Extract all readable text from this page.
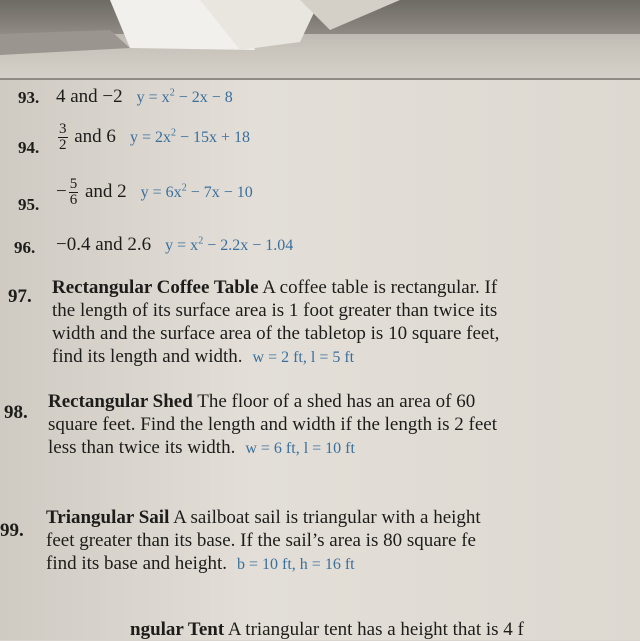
93. 4 and −2 $y = x^2 - 2x - 8$
94. $\frac{3}{2}$ and 6 $y = 2x^2 - 15x + 18$
95.
− $\frac{5}{6}$ and 2 $y = 6x^2 - 7x - 10$
96. −0.4 and 2.6 $y = x^2 - 2.2x - 1.04$
97. Rectangular Coffee Table A coffee table is rectangular. If
the length of its surface area is 1 foot greater than twice its
width and the surface area of the tabletop is 10 square feet,
find its length and width. w = 2 ft, l = 5 ft
98.
Rectangular Shed The floor of a shed has an area of 60
square feet. Find the length and width if the length is 2 feet
less than twice its width. w = 6 ft, l = 10 ft
99.
Triangular Sail A sailboat sail is triangular with a height
feet greater than its base. If the sail’s area is 80 square fe
find its base and height. b = 10 ft, h = 16 ft
ngular Tent A triangular tent has a height that is 4 f
